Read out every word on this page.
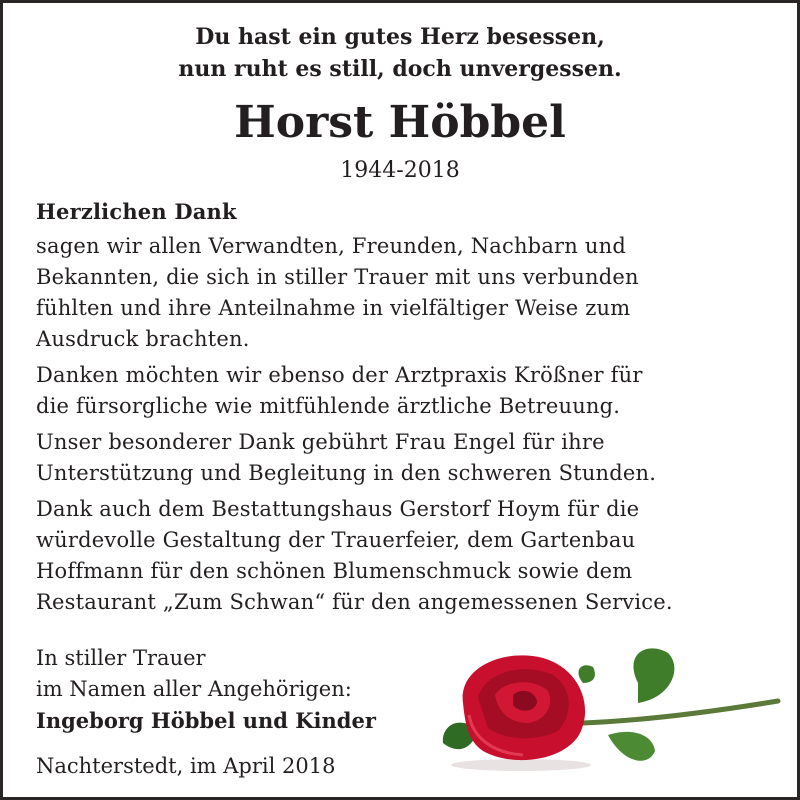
Du hast ein gutes Herz besessen,
nun ruht es still, doch unvergessen.
Horst Höbbel
1944-2018
Herzlichen Dank

sagen wir allen Verwandten, Freunden, Nachbarn und
Bekannten, die sich in stiller Trauer mit uns verbunden
fühlten und ihre Anteilnahme in vielfältiger Weise zum
Ausdruck brachten.

Danken möchten wir ebenso der Arztpraxis Krößner für
die fürsorgliche wie mitfühlende ärztliche Betreuung.

Unser besonderer Dank gebührt Frau Engel für ihre
Unterstützung und Begleitung in den schweren Stunden.

Dank auch dem Bestattungshaus Gerstorf Hoym für die
würdevolle Gestaltung der Trauerfeier, dem Gartenbau
Hoffmann für den schönen Blumenschmuck sowie dem
Restaurant „Zum Schwan“ für den angemessenen Service.

In stiller Trauer
im Namen aller Angehörigen:
Ingeborg Höbbel und Kinder
Nachterstedt, im April 2018
